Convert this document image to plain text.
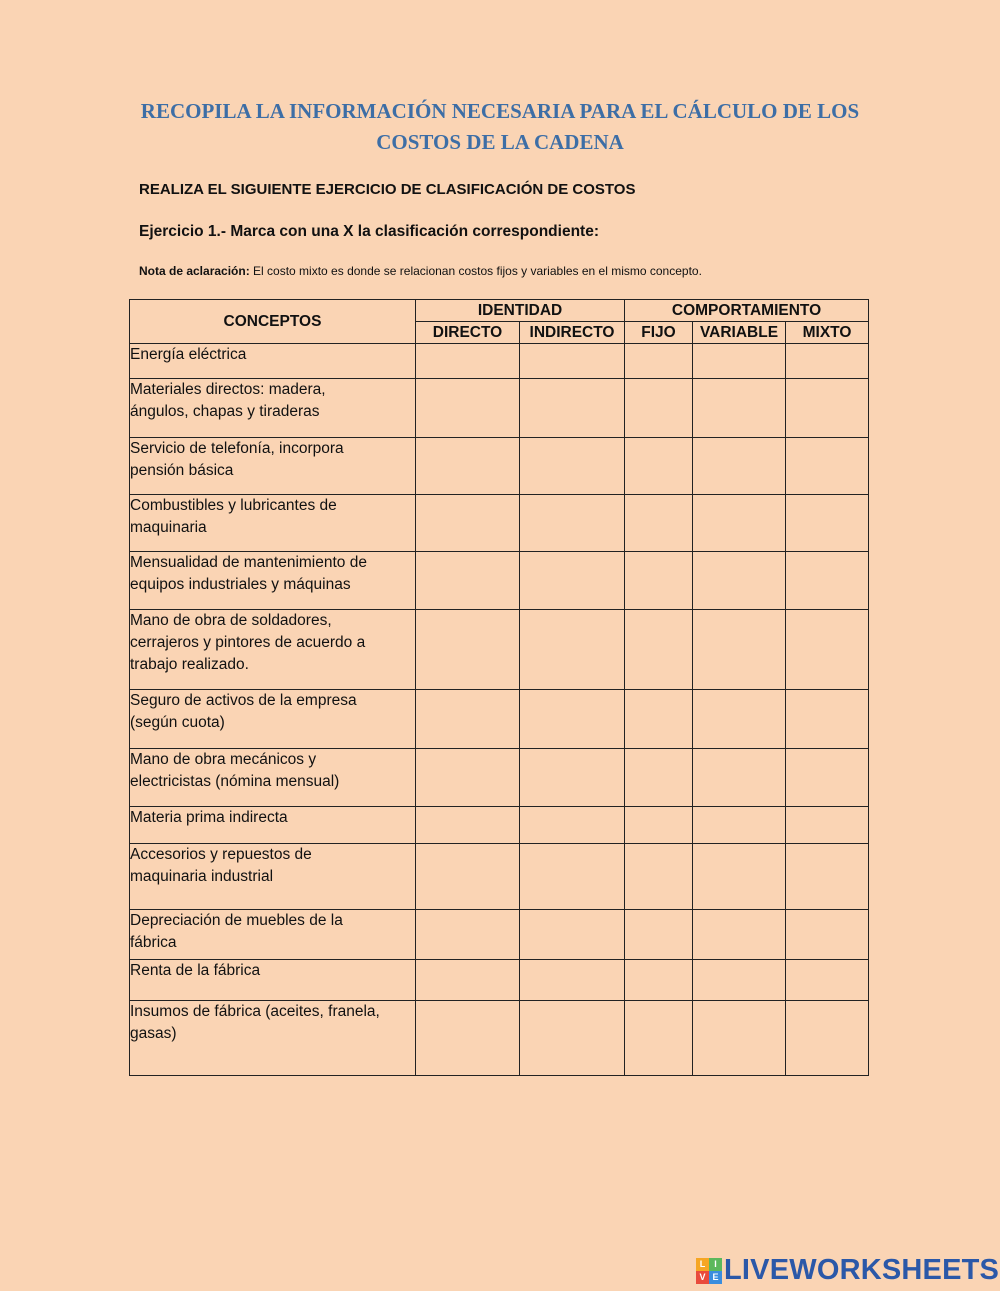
RECOPILA LA INFORMACIÓN NECESARIA PARA EL CÁLCULO DE LOS
COSTOS DE LA CADENA
REALIZA EL SIGUIENTE EJERCICIO DE CLASIFICACIÓN DE COSTOS
Ejercicio 1.- Marca con una X la clasificación correspondiente:
Nota de aclaración: El costo mixto es donde se relacionan costos fijos y variables en el mismo concepto.
CONCEPTOS	IDENTIDAD		COMPORTAMIENTO		
	DIRECTO	INDIRECTO	FIJO	VARIABLE	MIXTO

Energía eléctrica					

Materiales directos: madera,
ángulos, chapas y tiraderas					

Servicio de telefonía, incorpora
pensión básica					

Combustibles y lubricantes de
maquinaria					

Mensualidad de mantenimiento de
equipos industriales y máquinas					

Mano de obra de soldadores,
cerrajeros y pintores de acuerdo a
trabajo realizado.					

Seguro de activos de la empresa
(según cuota)					

Mano de obra mecánicos y
electricistas (nómina mensual)					

Materia prima indirecta					

Accesorios y repuestos de
maquinaria industrial					

Depreciación de muebles de la
fábrica					

Renta de la fábrica					

Insumos de fábrica (aceites, franela,
gasas)					

L I
V E LIVEWORKSHEETS
